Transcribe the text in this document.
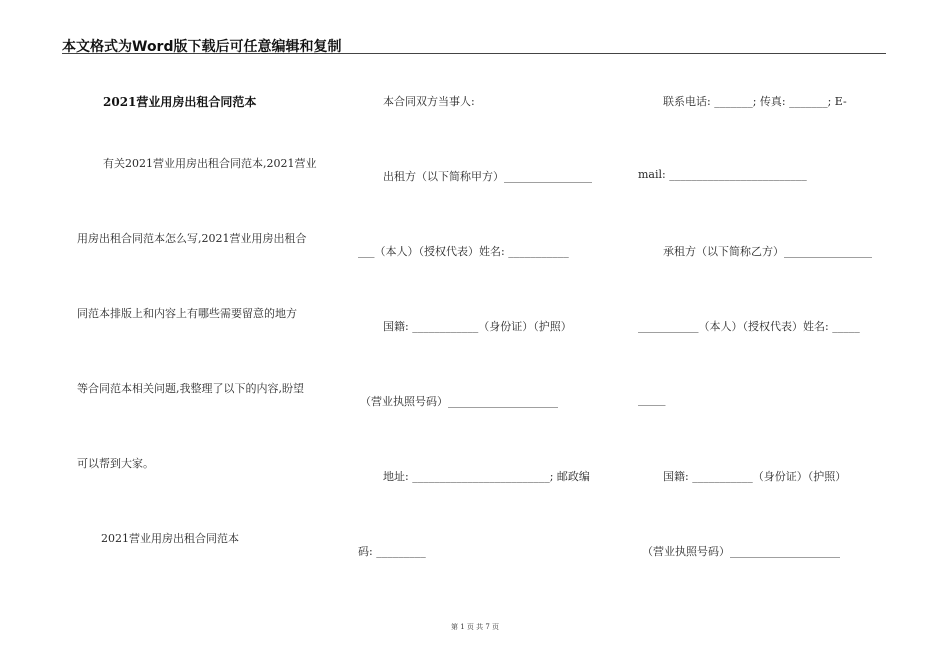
本文格式为Word版下载后可任意编辑和复制
2021营业用房出租合同范本
有关2021营业用房出租合同范本,2021营业
用房出租合同范本怎么写,2021营业用房出租合
同范本排版上和内容上有哪些需要留意的地方
等合同范本相关问题,我整理了以下的内容,盼望
可以帮到大家。
2021营业用房出租合同范本
本合同双方当事人:
出租方（以下简称甲方）________________
___（本人）（授权代表）姓名: ___________
国籍: ____________（身份证）（护照）
（营业执照号码）____________________
地址: _________________________; 邮政编
码: _________
联系电话: _______; 传真: _______; E-
mail: _________________________
承租方（以下简称乙方）________________
___________（本人）（授权代表）姓名: _____
_____
国籍: ___________（身份证）（护照）
（营业执照号码）____________________
第 1 页 共 7 页
